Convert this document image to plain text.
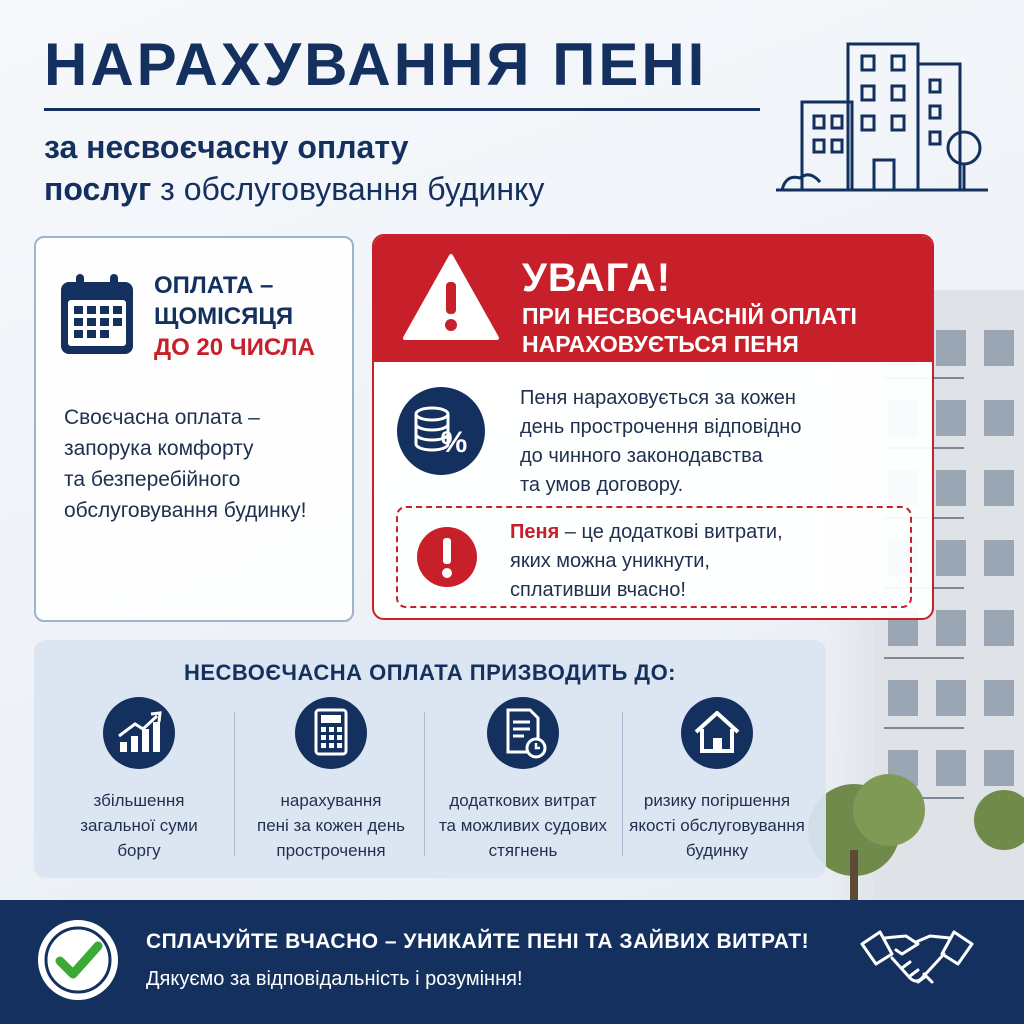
НАРАХУВАННЯ ПЕНІ
за несвоєчасну оплату
послуг з обслуговування будинку
ОПЛАТА –
ЩОМІСЯЦЯ
ДО 20 ЧИСЛА
Своєчасна оплата –
запорука комфорту
та безперебійного
обслуговування будинку!
УВАГА!
ПРИ НЕСВОЄЧАСНІЙ ОПЛАТІ
НАРАХОВУЄТЬСЯ ПЕНЯ
%
Пеня нараховується за кожен
день прострочення відповідно
до чинного законодавства
та умов договору.
Пеня – це додаткові витрати,
яких можна уникнути,
сплативши вчасно!
НЕСВОЄЧАСНА ОПЛАТА ПРИЗВОДИТЬ ДО:
збільшення
загальної суми
боргу
нарахування
пені за кожен день
прострочення
додаткових витрат
та можливих судових
стягнень
ризику погіршення
якості обслуговування
будинку
СПЛАЧУЙТЕ ВЧАСНО – УНИКАЙТЕ ПЕНІ ТА ЗАЙВИХ ВИТРАТ!
Дякуємо за відповідальність і розуміння!
